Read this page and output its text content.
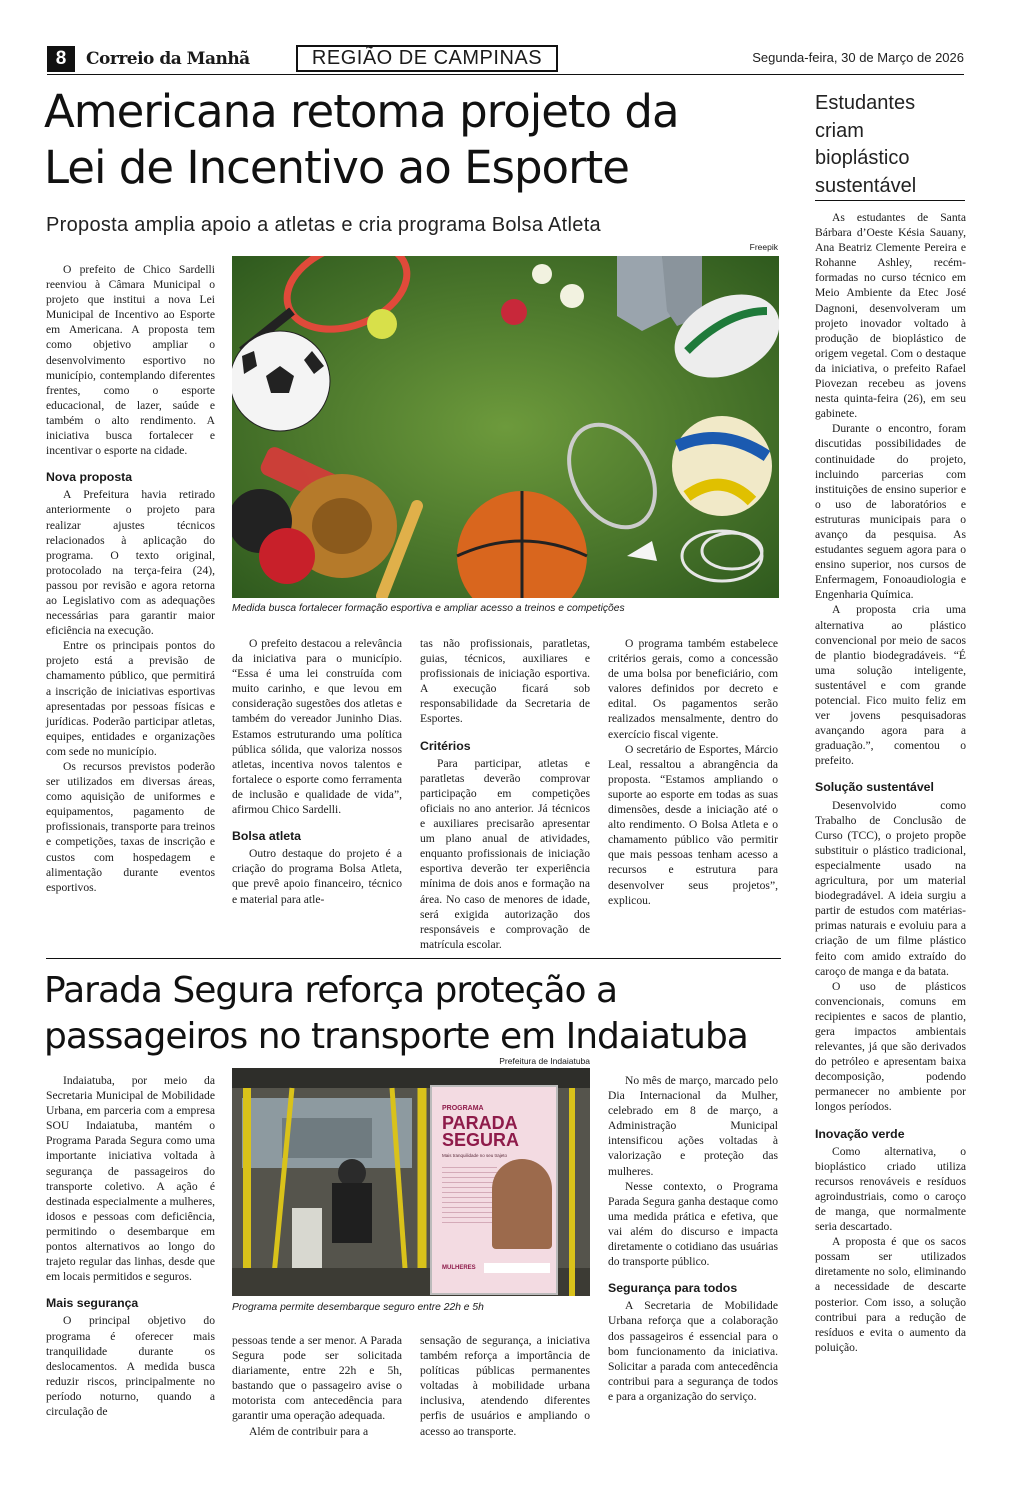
8	Correio da Manhã	REGIÃO DE CAMPINAS	Segunda-feira, 30 de Março de 2026
Americana retoma projeto da
Lei de Incentivo ao Esporte
Proposta amplia apoio a atletas e cria programa Bolsa Atleta
Freepik
Medida busca fortalecer formação esportiva e ampliar acesso a treinos e competições

O prefeito de Chico Sardelli reenviou à Câmara Municipal o projeto que institui a nova Lei Municipal de Incentivo ao Esporte em Americana. A proposta tem como objetivo ampliar o desenvolvimento esportivo no município, contemplando diferentes frentes, como o esporte educacional, de lazer, saúde e também o alto rendimento. A iniciativa busca fortalecer e incentivar o esporte na cidade.

Nova proposta

A Prefeitura havia retirado anteriormente o projeto para realizar ajustes técnicos relacionados à aplicação do programa. O texto original, protocolado na terça-feira (24), passou por revisão e agora retorna ao Legislativo com as adequações necessárias para garantir maior eficiência na execução.

Entre os principais pontos do projeto está a previsão de chamamento público, que permitirá a inscrição de iniciativas esportivas apresentadas por pessoas físicas e jurídicas. Poderão participar atletas, equipes, entidades e organizações com sede no município.

Os recursos previstos poderão ser utilizados em diversas áreas, como aquisição de uniformes e equipamentos, pagamento de profissionais, transporte para treinos e competições, taxas de inscrição e custos com hospedagem e alimentação durante eventos esportivos.

O prefeito destacou a relevância da iniciativa para o município. “Essa é uma lei construída com muito carinho, e que levou em consideração sugestões dos atletas e também do vereador Juninho Dias. Estamos estruturando uma política pública sólida, que valoriza nossos atletas, incentiva novos talentos e fortalece o esporte como ferramenta de inclusão e qualidade de vida”, afirmou Chico Sardelli.

Bolsa atleta

Outro destaque do projeto é a criação do programa Bolsa Atleta, que prevê apoio financeiro, técnico e material para atle-

tas não profissionais, paratletas, guias, técnicos, auxiliares e profissionais de iniciação esportiva. A execução ficará sob responsabilidade da Secretaria de Esportes.

Critérios

Para participar, atletas e paratletas deverão comprovar participação em competições oficiais no ano anterior. Já técnicos e auxiliares precisarão apresentar um plano anual de atividades, enquanto profissionais de iniciação esportiva deverão ter experiência mínima de dois anos e formação na área. No caso de menores de idade, será exigida autorização dos responsáveis e comprovação de matrícula escolar.

O programa também estabelece critérios gerais, como a concessão de uma bolsa por beneficiário, com valores definidos por decreto e edital. Os pagamentos serão realizados mensalmente, dentro do exercício fiscal vigente.

O secretário de Esportes, Márcio Leal, ressaltou a abrangência da proposta. “Estamos ampliando o suporte ao esporte em todas as suas dimensões, desde a iniciação até o alto rendimento. O Bolsa Atleta e o chamamento público vão permitir que mais pessoas tenham acesso a recursos e estrutura para desenvolver seus projetos”, explicou.

Estudantes criam bioplástico sustentável

As estudantes de Santa Bárbara d’Oeste Késia Sauany, Ana Beatriz Clemente Pereira e Rohanne Ashley, recém-formadas no curso técnico em Meio Ambiente da Etec José Dagnoni, desenvolveram um projeto inovador voltado à produção de bioplástico de origem vegetal. Com o destaque da iniciativa, o prefeito Rafael Piovezan recebeu as jovens nesta quinta-feira (26), em seu gabinete.

Durante o encontro, foram discutidas possibilidades de continuidade do projeto, incluindo parcerias com instituições de ensino superior e o uso de laboratórios e estruturas municipais para o avanço da pesquisa. As estudantes seguem agora para o ensino superior, nos cursos de Enfermagem, Fonoaudiologia e Engenharia Química.

A proposta cria uma alternativa ao plástico convencional por meio de sacos de plantio biodegradáveis. “É uma solução inteligente, sustentável e com grande potencial. Fico muito feliz em ver jovens pesquisadoras avançando agora para a graduação.”, comentou o prefeito.

Solução sustentável

Desenvolvido como Trabalho de Conclusão de Curso (TCC), o projeto propõe substituir o plástico tradicional, especialmente usado na agricultura, por um material biodegradável. A ideia surgiu a partir de estudos com matérias-primas naturais e evoluiu para a criação de um filme plástico feito com amido extraído do caroço de manga e da batata.

O uso de plásticos convencionais, comuns em recipientes e sacos de plantio, gera impactos ambientais relevantes, já que são derivados do petróleo e apresentam baixa decomposição, podendo permanecer no ambiente por longos períodos.

Inovação verde

Como alternativa, o bioplástico criado utiliza recursos renováveis e resíduos agroindustriais, como o caroço de manga, que normalmente seria descartado.

A proposta é que os sacos possam ser utilizados diretamente no solo, eliminando a necessidade de descarte posterior. Com isso, a solução contribui para a redução de resíduos e evita o aumento da poluição.

Parada Segura reforça proteção a
passageiros no transporte em Indaiatuba
Prefeitura de Indaiatuba
PROGRAMA
PARADA
SEGURA
Mais tranquilidade no seu trajeto
MULHERES
Programa permite desembarque seguro entre 22h e 5h

Indaiatuba, por meio da Secretaria Municipal de Mobilidade Urbana, em parceria com a empresa SOU Indaiatuba, mantém o Programa Parada Segura como uma importante iniciativa voltada à segurança de passageiros do transporte coletivo. A ação é destinada especialmente a mulheres, idosos e pessoas com deficiência, permitindo o desembarque em pontos alternativos ao longo do trajeto regular das linhas, desde que em locais permitidos e seguros.

Mais segurança

O principal objetivo do programa é oferecer mais tranquilidade durante os deslocamentos. A medida busca reduzir riscos, principalmente no período noturno, quando a circulação de

pessoas tende a ser menor. A Parada Segura pode ser solicitada diariamente, entre 22h e 5h, bastando que o passageiro avise o motorista com antecedência para garantir uma operação adequada.

Além de contribuir para a

sensação de segurança, a iniciativa também reforça a importância de políticas públicas permanentes voltadas à mobilidade urbana inclusiva, atendendo diferentes perfis de usuários e ampliando o acesso ao transporte.

No mês de março, marcado pelo Dia Internacional da Mulher, celebrado em 8 de março, a Administração Municipal intensificou ações voltadas à valorização e proteção das mulheres.

Nesse contexto, o Programa Parada Segura ganha destaque como uma medida prática e efetiva, que vai além do discurso e impacta diretamente o cotidiano das usuárias do transporte público.

Segurança para todos

A Secretaria de Mobilidade Urbana reforça que a colaboração dos passageiros é essencial para o bom funcionamento da iniciativa. Solicitar a parada com antecedência contribui para a segurança de todos e para a organização do serviço.
